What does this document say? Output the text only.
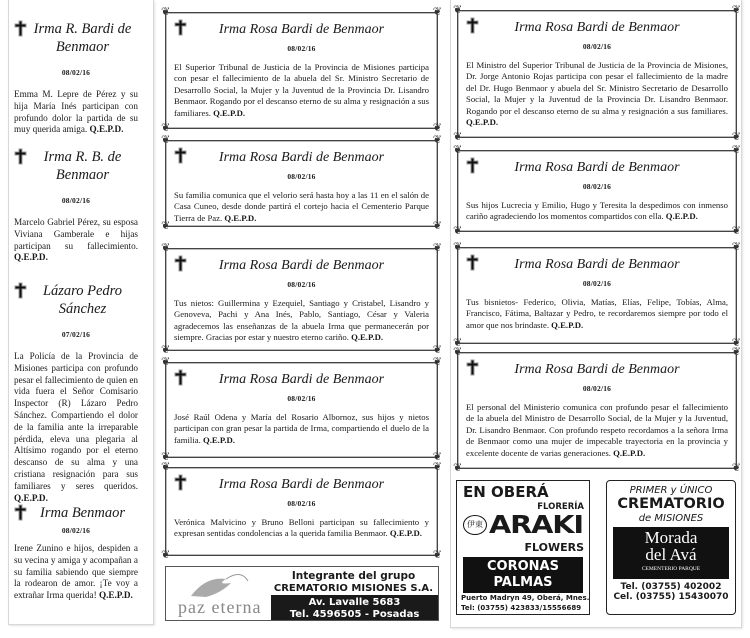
paz eterna
Integrante del grupo
CREMATORIO MISIONES S.A.
Av. Lavalle 5683
Tel. 4596505 - Posadas
EN OBERÁ
FLORERÍA
伊東 ARAKI
FLOWERS
CORONAS
PALMAS
Puerto Madryn 49, Oberá, Mnes.
Tel: (03755) 423833/15556689
PRIMER y ÚNICO
CREMATORIO
de MISIONES
Morada
del Avá
CEMENTERIO PARQUE
Tel. (03755) 402002
Cel. (03755) 15430070
Irma R. Bardi de Benmaor
08/02/16
Emma M. Lepre de Pérez y su hija María Inés participan con profundo dolor la partida de su muy querida amiga. Q.E.P.D.
Irma R. B. de Benmaor
08/02/16
Marcelo Gabriel Pérez, su esposa Viviana Gamberale e hijas participan su fallecimiento. Q.E.P.D.
Lázaro Pedro Sánchez
07/02/16
La Policía de la Provincia de Misiones participa con profundo pesar el fallecimiento de quien en vida fuera el Señor Comisario Inspector (R) Lázaro Pedro Sánchez. Compartiendo el dolor de la familia ante la irreparable pérdida, eleva una plegaria al Altísimo rogando por el eterno descanso de su alma y una cristiana resignación para sus familiares y seres queridos. Q.E.P.D.
Irma Benmaor
08/02/16
Irene Zunino e hijos, despiden a su vecina y amiga y acompañan a su familia sabiendo que siempre la rodearon de amor. ¡Te voy a extrañar Irma querida! Q.E.P.D.
❦	❦
❦	❦
Irma Rosa Bardi de Benmaor
08/02/16
El Superior Tribunal de Justicia de la Provincia de Misiones participa con pesar el fallecimiento de la abuela del Sr. Ministro Secretario de Desarrollo Social, la Mujer y la Juventud de la Provincia Dr. Lisandro Benmaor. Rogando por el descanso eterno de su alma y resignación a sus familiares. Q.E.P.D.
❦	❦
❦	❦
Irma Rosa Bardi de Benmaor
08/02/16
Su familia comunica que el velorio será hasta hoy a las 11 en el salón de Casa Cuneo, desde donde partirá el cortejo hacia el Cementerio Parque Tierra de Paz. Q.E.P.D.
❦	❦
❦	❦
Irma Rosa Bardi de Benmaor
08/02/16
Tus nietos: Guillermina y Ezequiel, Santiago y Cristabel, Lisandro y Genoveva, Pachi y Ana Inés, Pablo, Santiago, César y Valeria agradecemos las enseñanzas de la abuela Irma que permanecerán por siempre. Gracias por estar y nuestro eterno cariño. Q.E.P.D.
❦	❦
❦	❦
Irma Rosa Bardi de Benmaor
08/02/16
José Raúl Odena y María del Rosario Albornoz, sus hijos y nietos participan con gran pesar la partida de Irma, compartiendo el duelo de la familia. Q.E.P.D.
❦	❦
❦	❦
Irma Rosa Bardi de Benmaor
08/02/16
Verónica Malvicino y Bruno Belloni participan su fallecimiento y expresan sentidas condolencias a la querida familia Benmaor. Q.E.P.D.
❦	❦
❦	❦
Irma Rosa Bardi de Benmaor
08/02/16
El Ministro del Superior Tribunal de Justicia de la Provincia de Misiones, Dr. Jorge Antonio Rojas participa con pesar el fallecimiento de la madre del Dr. Hugo Benmaor y abuela del Sr. Ministro Secretario de Desarrollo Social, la Mujer y la Juventud de la Provincia Dr. Lisandro Benmaor. Rogando por el descanso eterno de su alma y resignación a sus familiares. Q.E.P.D.
❦	❦
❦	❦
Irma Rosa Bardi de Benmaor
08/02/16
Sus hijos Lucrecia y Emilio, Hugo y Teresita la despedimos con inmenso cariño agradeciendo los momentos compartidos con ella. Q.E.P.D.
❦	❦
❦	❦
Irma Rosa Bardi de Benmaor
08/02/16
Tus bisnietos- Federico, Olivia, Matías, Elías, Felipe, Tobías, Alma, Francisco, Fátima, Baltazar y Pedro, te recordaremos siempre por todo el amor que nos brindaste. Q.E.P.D.
❦	❦
❦	❦
Irma Rosa Bardi de Benmaor
08/02/16
El personal del Ministerio comunica con profundo pesar el fallecimiento de la abuela del Ministro de Desarrollo Social, de la Mujer y la Juventud, Dr. Lisandro Benmaor. Con profundo respeto recordamos a la señora Irma de Benmaor como una mujer de impecable trayectoria en la provincia y excelente docente de varias generaciones. Q.E.P.D.
